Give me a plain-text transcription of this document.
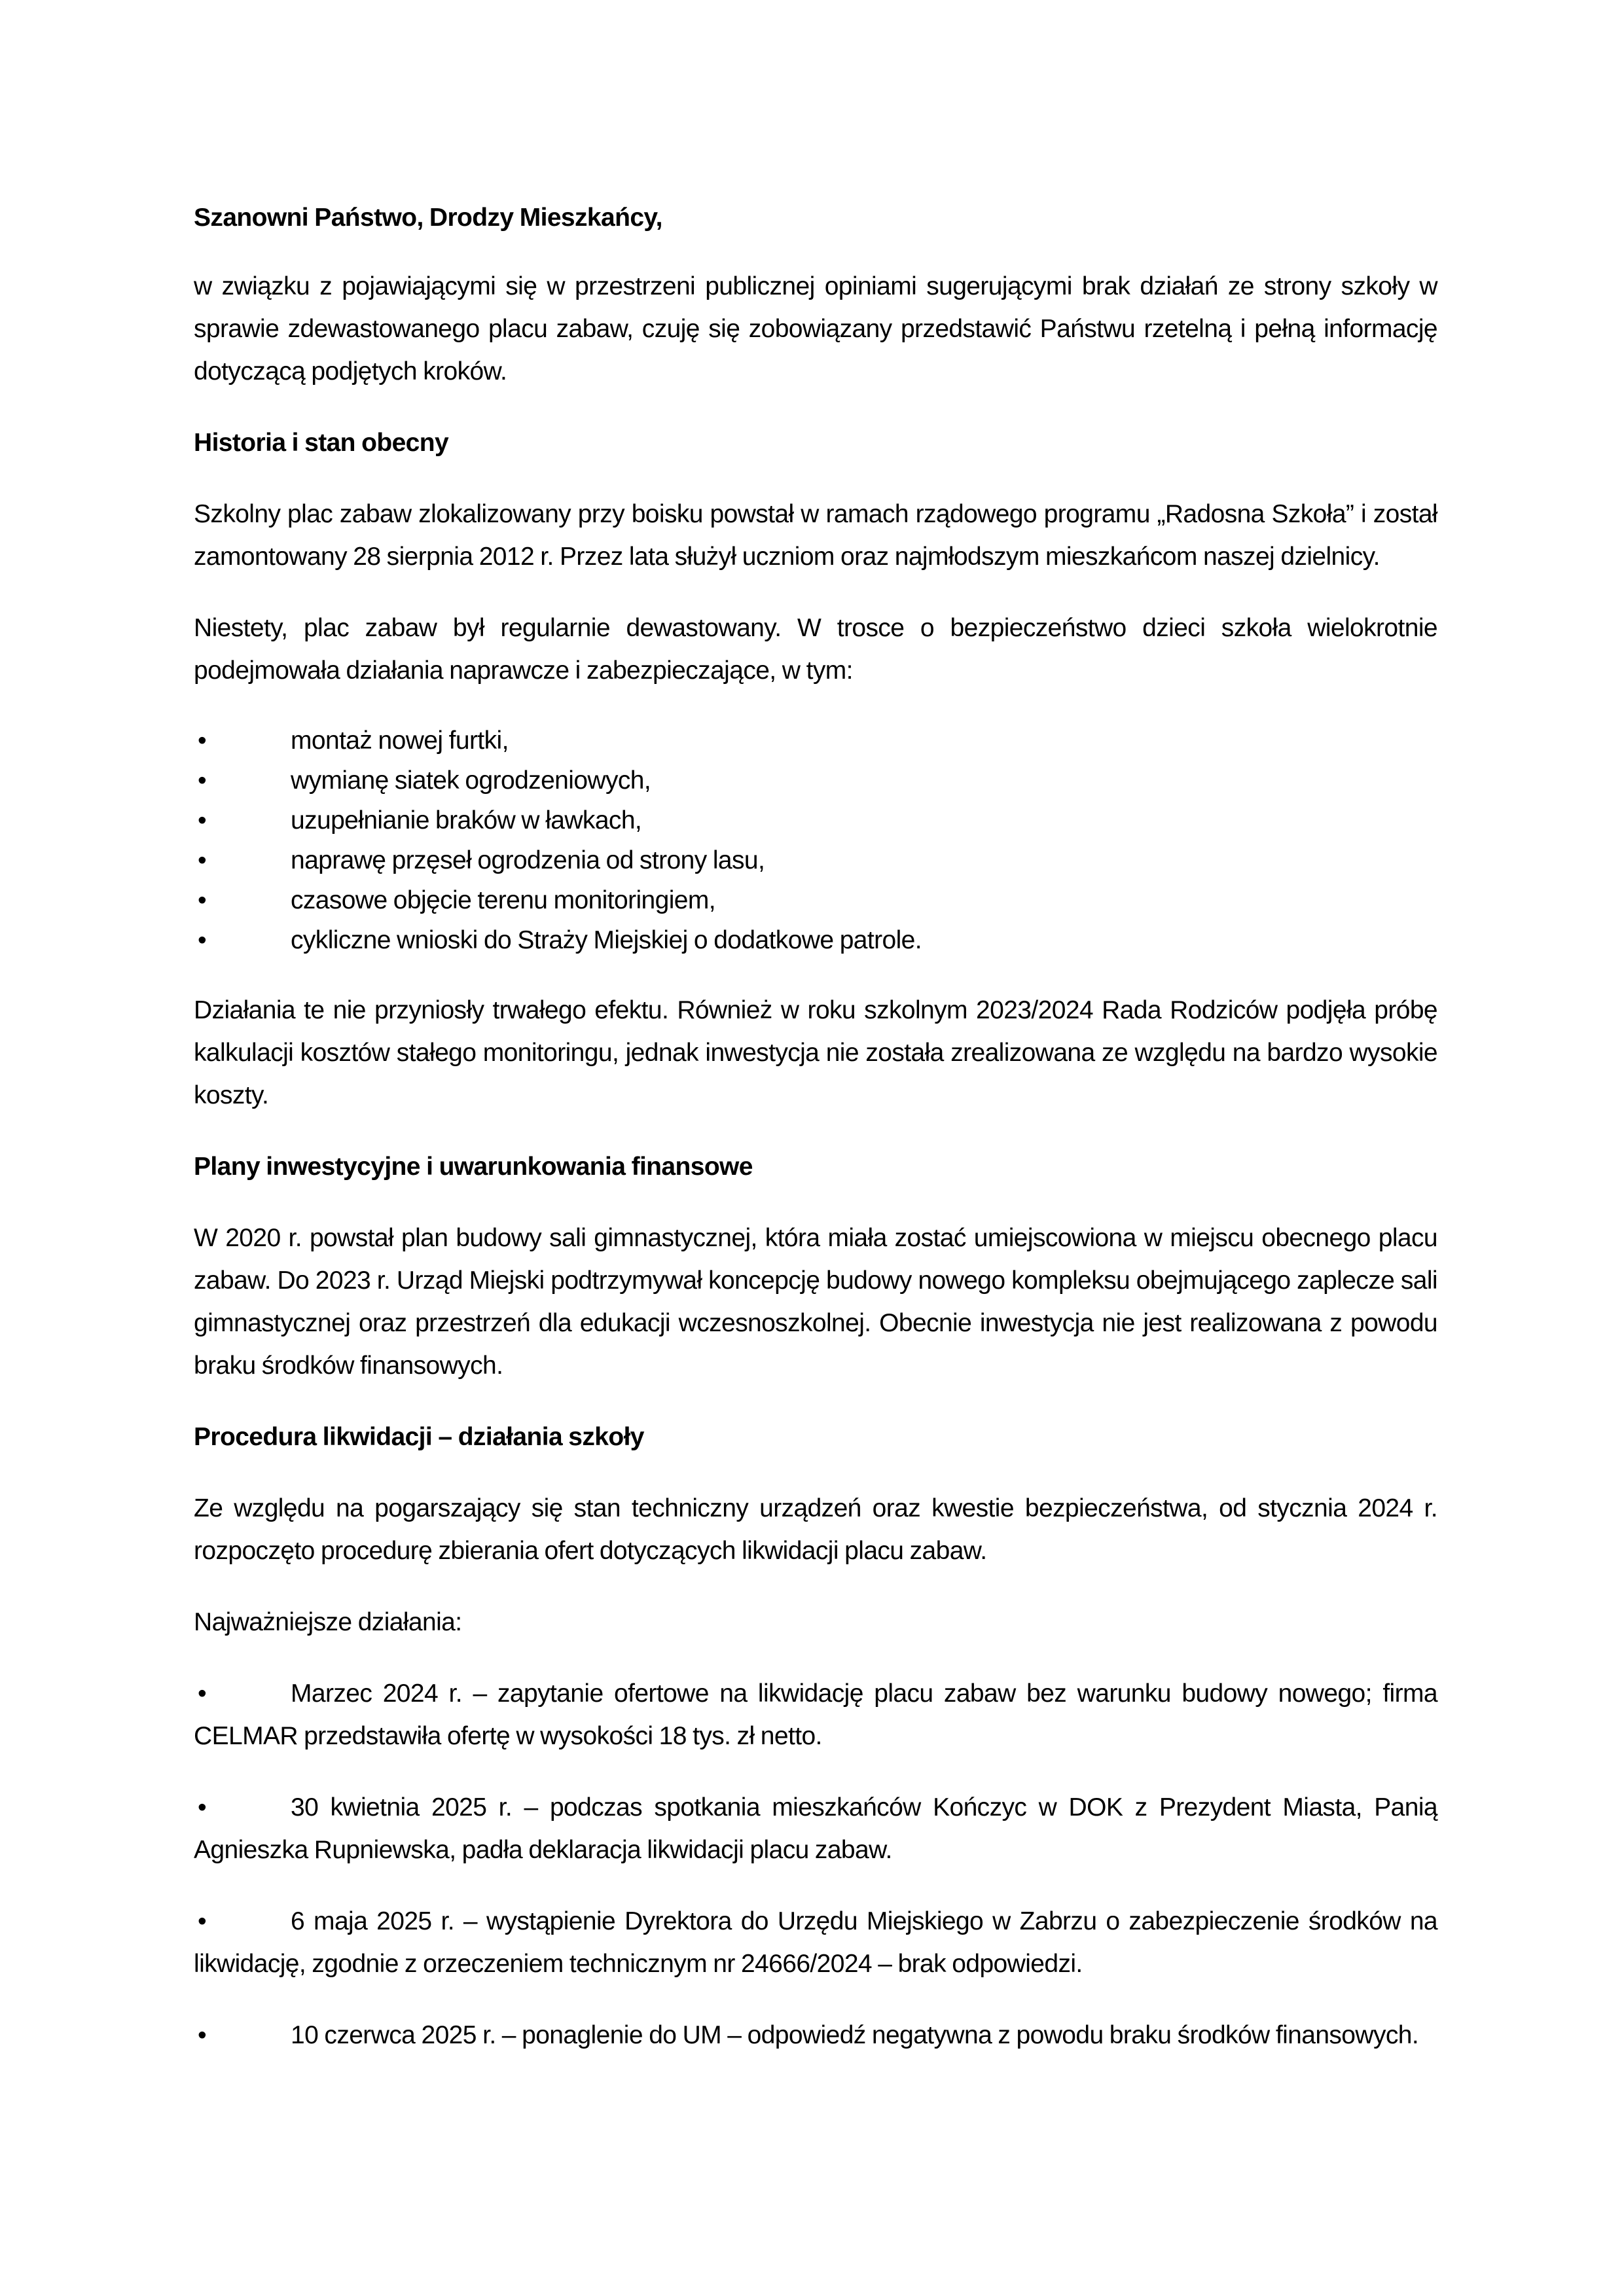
Szanowni Państwo, Drodzy Mieszkańcy,

w związku z pojawiającymi się w przestrzeni publicznej opiniami sugerującymi brak działań ze strony szkoły w sprawie zdewastowanego placu zabaw, czuję się zobowiązany przedstawić Państwu rzetelną i pełną informację dotyczącą podjętych kroków.

Historia i stan obecny

Szkolny plac zabaw zlokalizowany przy boisku powstał w ramach rządowego programu „Radosna Szkoła” i został zamontowany 28 sierpnia 2012 r. Przez lata służył uczniom oraz najmłodszym mieszkańcom naszej dzielnicy.

Niestety, plac zabaw był regularnie dewastowany. W trosce o bezpieczeństwo dzieci szkoła wielokrotnie podejmowała działania naprawcze i zabezpieczające, w tym:

•	montaż nowej furtki,
•	wymianę siatek ogrodzeniowych,
•	uzupełnianie braków w ławkach,
•	naprawę przęseł ogrodzenia od strony lasu,
•	czasowe objęcie terenu monitoringiem,
•	cykliczne wnioski do Straży Miejskiej o dodatkowe patrole.

Działania te nie przyniosły trwałego efektu. Również w roku szkolnym 2023/2024 Rada Rodziców podjęła próbę kalkulacji kosztów stałego monitoringu, jednak inwestycja nie została zrealizowana ze względu na bardzo wysokie koszty.

Plany inwestycyjne i uwarunkowania finansowe

W 2020 r. powstał plan budowy sali gimnastycznej, która miała zostać umiejscowiona w miejscu obecnego placu zabaw. Do 2023 r. Urząd Miejski podtrzymywał koncepcję budowy nowego kompleksu obejmującego zaplecze sali gimnastycznej oraz przestrzeń dla edukacji wczesnoszkolnej. Obecnie inwestycja nie jest realizowana z powodu braku środków finansowych.

Procedura likwidacji – działania szkoły

Ze względu na pogarszający się stan techniczny urządzeń oraz kwestie bezpieczeństwa, od stycznia 2024 r. rozpoczęto procedurę zbierania ofert dotyczących likwidacji placu zabaw.

Najważniejsze działania:

•	Marzec 2024 r. – zapytanie ofertowe na likwidację placu zabaw bez warunku budowy nowego; firma CELMAR przedstawiła ofertę w wysokości 18 tys. zł netto.

•	30 kwietnia 2025 r. – podczas spotkania mieszkańców Kończyc w DOK z Prezydent Miasta, Panią Agnieszka Rupniewska, padła deklaracja likwidacji placu zabaw.

•	6 maja 2025 r. – wystąpienie Dyrektora do Urzędu Miejskiego w Zabrzu o zabezpieczenie środków na likwidację, zgodnie z orzeczeniem technicznym nr 24666/2024 – brak odpowiedzi.

•	10 czerwca 2025 r. – ponaglenie do UM – odpowiedź negatywna z powodu braku środków finansowych.
